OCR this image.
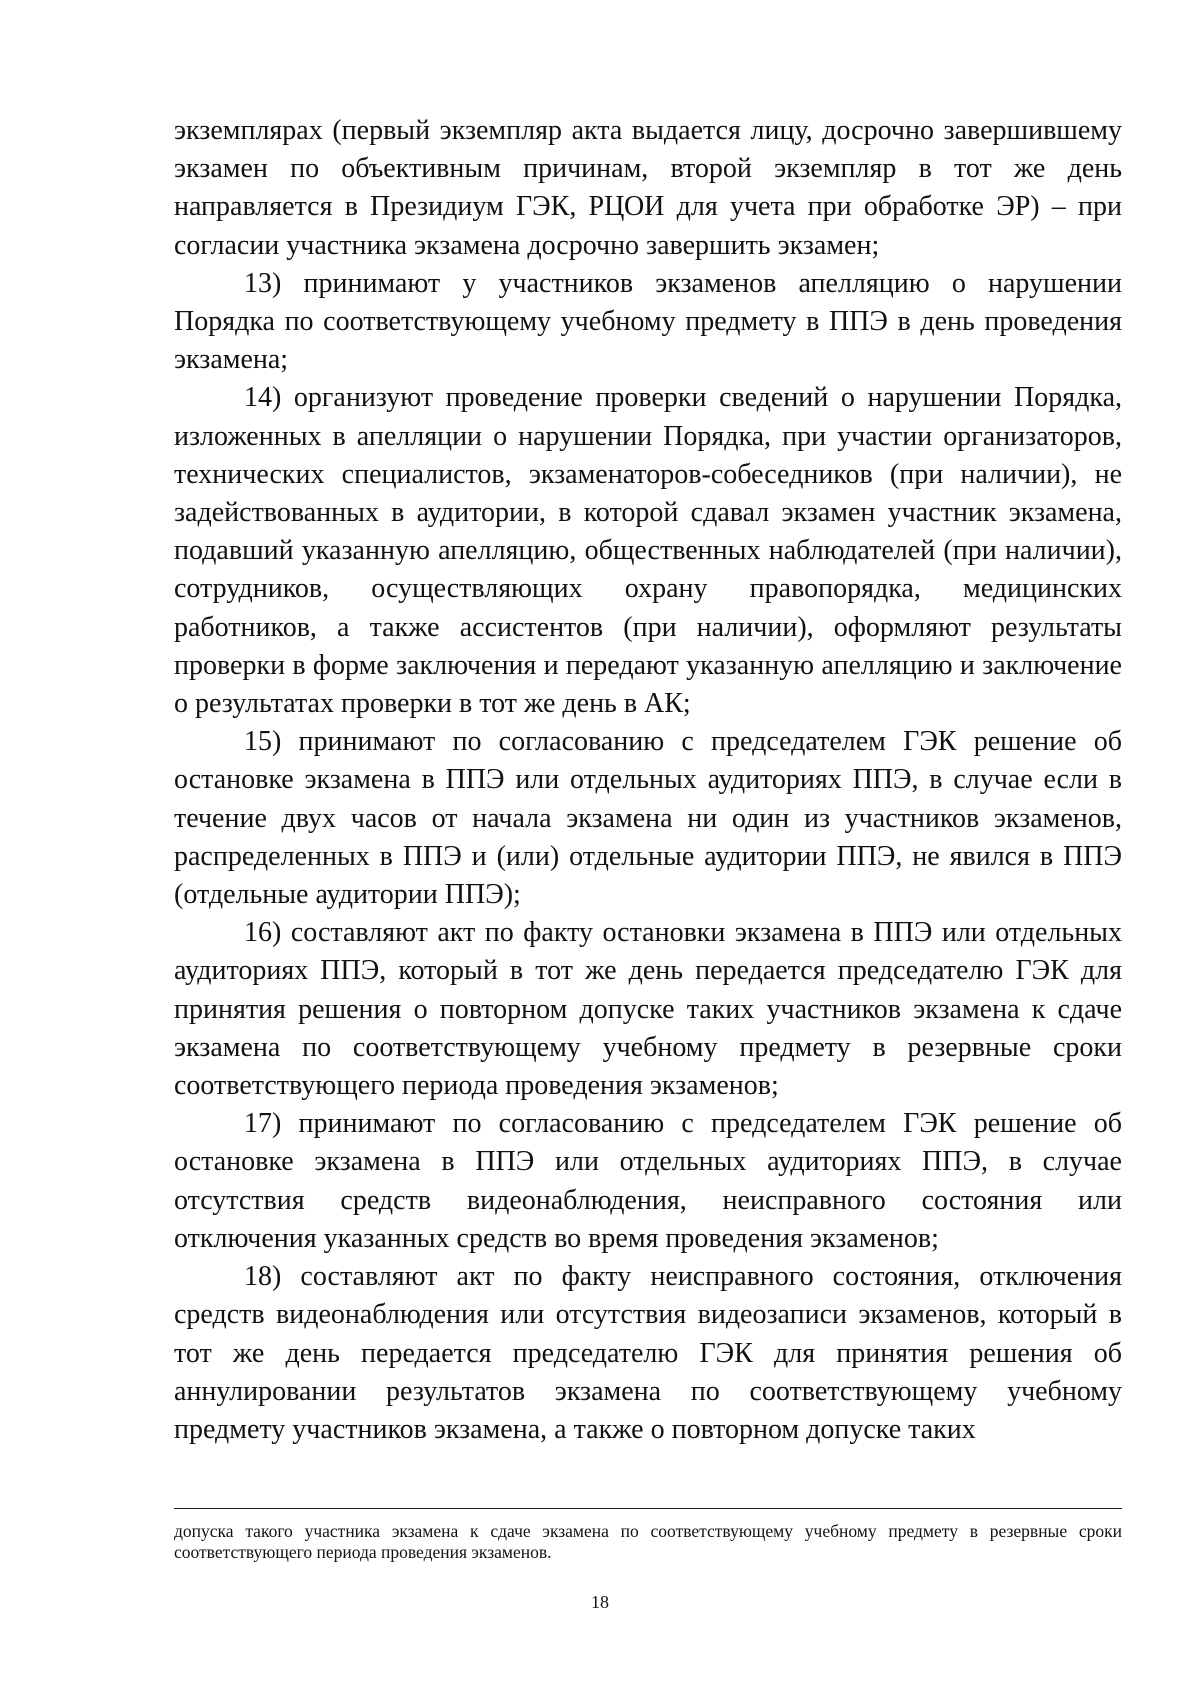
экземплярах (первый экземпляр акта выдается лицу, досрочно завершившему экзамен по объективным причинам, второй экземпляр в тот же день направляется в Президиум ГЭК, РЦОИ для учета при обработке ЭР) – при согласии участника экзамена досрочно завершить экзамен;

13) принимают у участников экзаменов апелляцию о нарушении Порядка по соответствующему учебному предмету в ППЭ в день проведения экзамена;

14) организуют проведение проверки сведений о нарушении Порядка, изложенных в апелляции о нарушении Порядка, при участии организаторов, технических специалистов, экзаменаторов-собеседников (при наличии), не задействованных в аудитории, в которой сдавал экзамен участник экзамена, подавший указанную апелляцию, общественных наблюдателей (при наличии), сотрудников, осуществляющих охрану правопорядка, медицинских работников, а также ассистентов (при наличии), оформляют результаты проверки в форме заключения и передают указанную апелляцию и заключение о результатах проверки в тот же день в АК;

15) принимают по согласованию с председателем ГЭК решение об остановке экзамена в ППЭ или отдельных аудиториях ППЭ, в случае если в течение двух часов от начала экзамена ни один из участников экзаменов, распределенных в ППЭ и (или) отдельные аудитории ППЭ, не явился в ППЭ (отдельные аудитории ППЭ);

16) составляют акт по факту остановки экзамена в ППЭ или отдельных аудиториях ППЭ, который в тот же день передается председателю ГЭК для принятия решения о повторном допуске таких участников экзамена к сдаче экзамена по соответствующему учебному предмету в резервные сроки соответствующего периода проведения экзаменов;

17) принимают по согласованию с председателем ГЭК решение об остановке экзамена в ППЭ или отдельных аудиториях ППЭ, в случае отсутствия средств видеонаблюдения, неисправного состояния или отключения указанных средств во время проведения экзаменов;

18) составляют акт по факту неисправного состояния, отключения средств видеонаблюдения или отсутствия видеозаписи экзаменов, который в тот же день передается председателю ГЭК для принятия решения об аннулировании результатов экзамена по соответствующему учебному предмету участников экзамена, а также о повторном допуске таких

допуска такого участника экзамена к сдаче экзамена по соответствующему учебному предмету в резервные сроки соответствующего периода проведения экзаменов.

18
